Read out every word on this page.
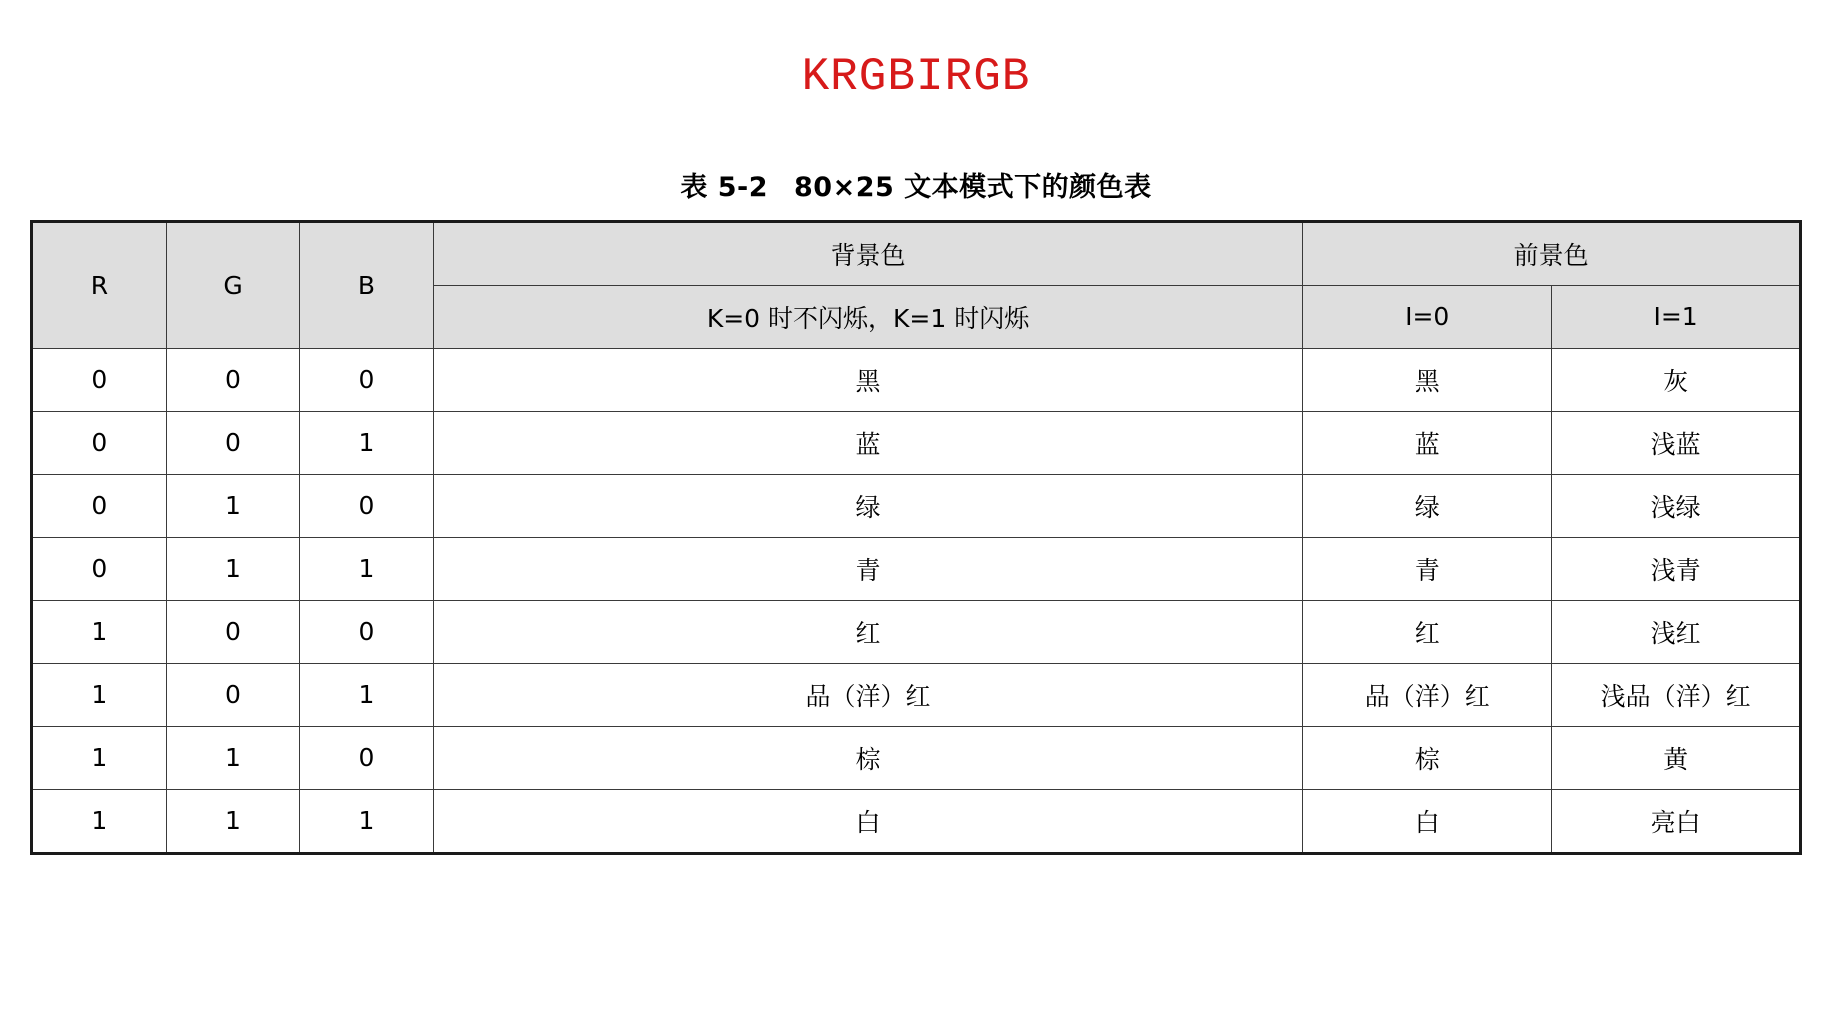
KRGBIRGB
表 5-2 80×25 文本模式下的颜色表
R	G	B	背景色	前景色	
			K=0 时不闪烁，K=1 时闪烁	I=0	I=1
0	0	0	黑	黑	灰
0	0	1	蓝	蓝	浅蓝
0	1	0	绿	绿	浅绿
0	1	1	青	青	浅青
1	0	0	红	红	浅红
1	0	1	品（洋）红	品（洋）红	浅品（洋）红
1	1	0	棕	棕	黄
1	1	1	白	白	亮白
